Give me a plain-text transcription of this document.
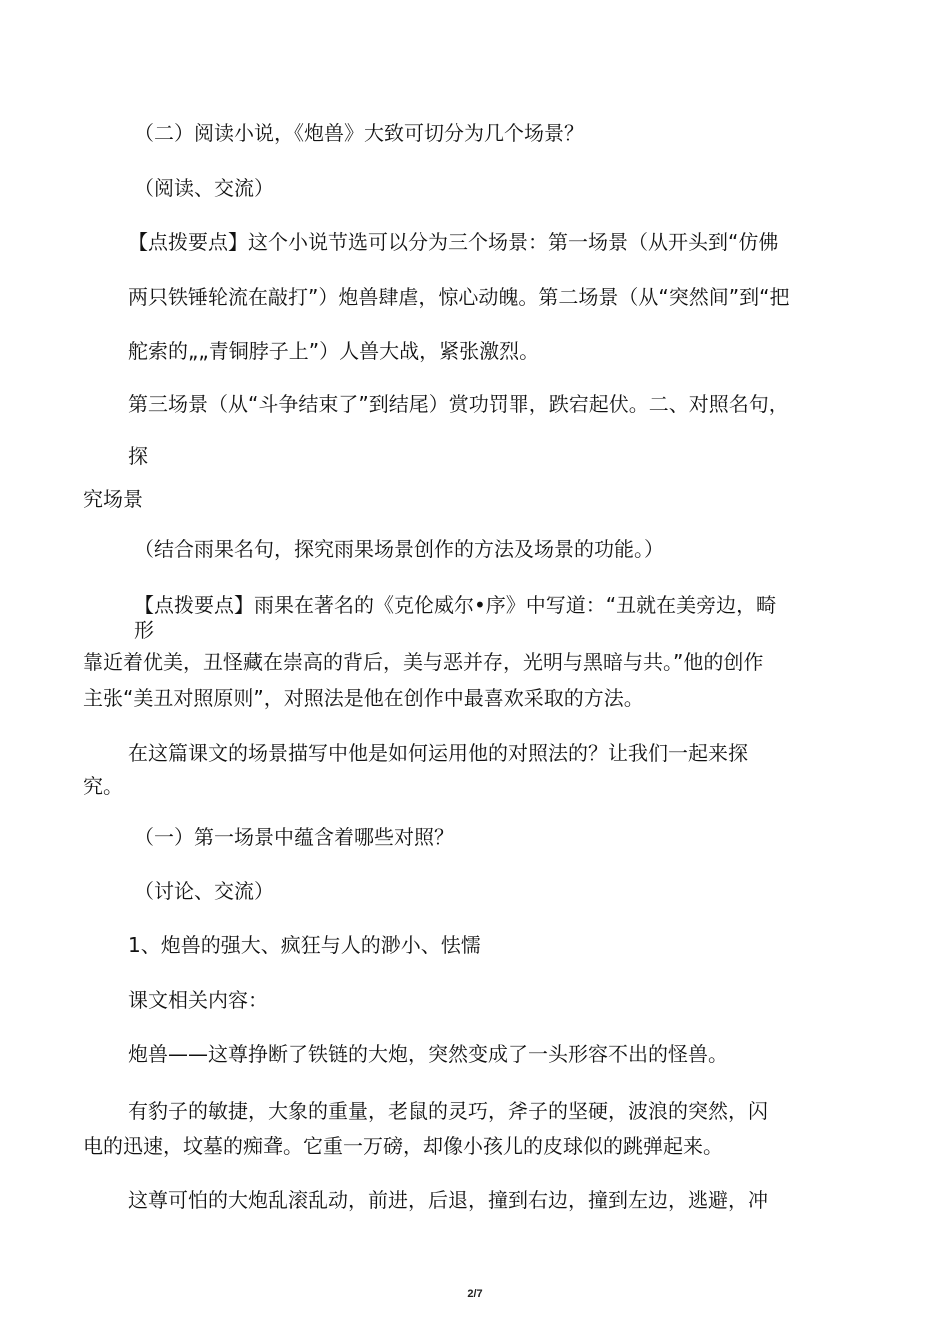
（二）阅读小说，《炮兽》大致可切分为几个场景？

（阅读、交流）

【点拨要点】这个小说节选可以分为三个场景：第一场景（从开头到“仿佛

两只铁锤轮流在敲打”）炮兽肆虐，惊心动魄。第二场景（从“突然间”到“把

舵索的„„青铜脖子上”）人兽大战，紧张激烈。

第三场景（从“斗争结束了”到结尾）赏功罚罪，跌宕起伏。二、对照名句，

探

究场景

（结合雨果名句，探究雨果场景创作的方法及场景的功能。）

【点拨要点】雨果在著名的《克伦威尔•序》中写道：“丑就在美旁边，畸

形

靠近着优美，丑怪藏在崇高的背后，美与恶并存，光明与黑暗与共。”他的创作

主张“美丑对照原则”，对照法是他在创作中最喜欢采取的方法。

在这篇课文的场景描写中他是如何运用他的对照法的？让我们一起来探

究。

（一）第一场景中蕴含着哪些对照？

（讨论、交流）

1、炮兽的强大、疯狂与人的渺小、怯懦

课文相关内容：

炮兽——这尊挣断了铁链的大炮，突然变成了一头形容不出的怪兽。

有豹子的敏捷，大象的重量，老鼠的灵巧，斧子的坚硬，波浪的突然，闪

电的迅速，坟墓的痴聋。它重一万磅，却像小孩儿的皮球似的跳弹起来。

这尊可怕的大炮乱滚乱动，前进，后退，撞到右边，撞到左边，逃避，冲

2/7
